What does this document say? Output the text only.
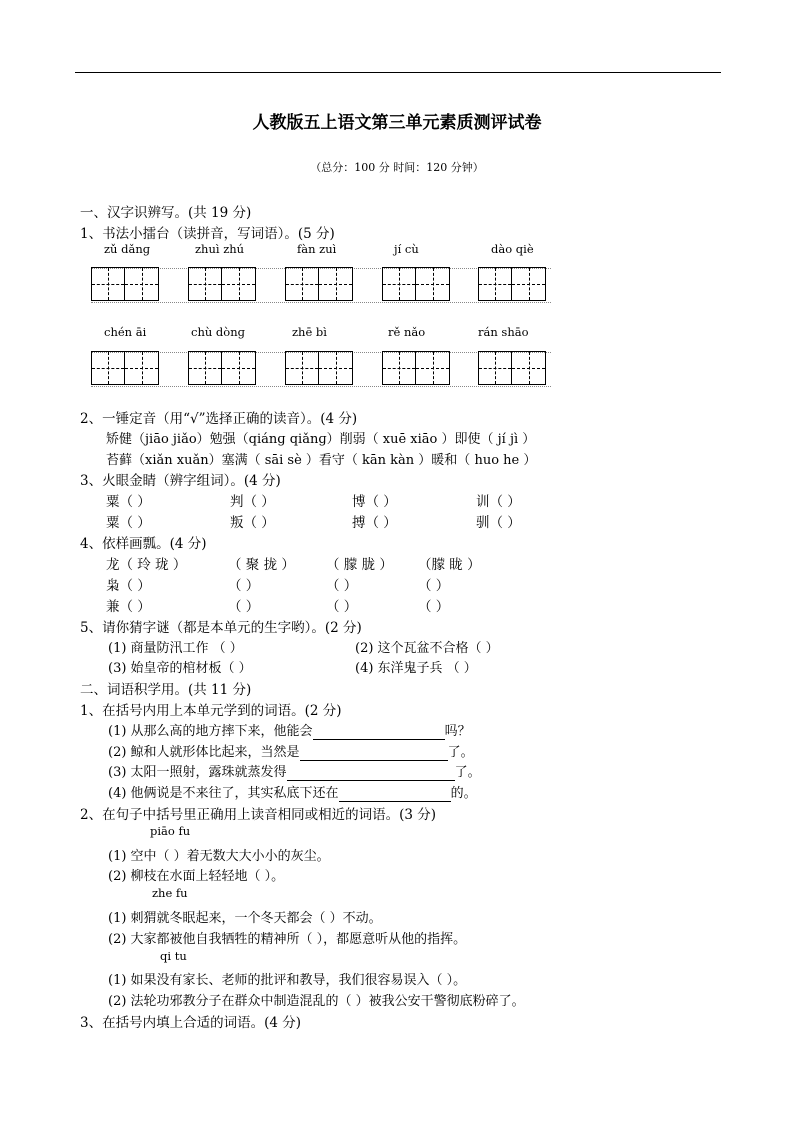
人教版五上语文第三单元素质测评试卷
（总分：100 分 时间：120 分钟）
一、汉字识辨写。(共 19 分)
1、书法小擂台（读拼音，写词语）。(5 分)
zǔ dǎnɡ	zhuì zhú	fàn zuì	jí cù	dào qiè
chén āi	chù dònɡ	zhē bì	rě nǎo	rán shāo
2、一锤定音（用“√”选择正确的读音）。(4 分)
矫健（jiāo jiǎo）勉强（qiánɡ qiǎnɡ）削弱（ xuē xiāo ）即使（ jí jì ）
苔藓（xiǎn xuǎn）塞满（ sāi sè ）看守（ kān kàn ）暖和（ huo he ）
3、火眼金睛（辨字组词）。(4 分)
粟（ ）	判（ ）	博（ ）	训（ ）
粟（ ）	叛（ ）	搏（ ）	驯（ ）
4、依样画瓢。(4 分)
龙（ 玲 珑 ）	（ 聚 拢 ） （ 朦 胧 ） （朦 眬 ）
枭（ ）	（ ）	（ ）	（ ）
兼（ ）	（ ）	（ ）	（ ）
5、请你猜字谜（都是本单元的生字哟）。(2 分)
(1) 商量防汛工作 （ ）	(2) 这个瓦盆不合格（ ）
(3) 始皇帝的棺材板（ ）	(4) 东洋鬼子兵 （ ）
二、词语积学用。(共 11 分)
1、在括号内用上本单元学到的词语。(2 分)
(1) 从那么高的地方摔下来，他能会	吗？
(2) 鲸和人就形体比起来，当然是	了。
(3) 太阳一照射，露珠就蒸发得	了。
(4) 他俩说是不来往了，其实私底下还在	的。
2、在句子中括号里正确用上读音相同或相近的词语。(3 分)
piāo fu
(1) 空中（ ）着无数大大小小的灰尘。
(2) 柳枝在水面上轻轻地（ ）。
zhe fu
(1) 刺猬就冬眠起来，一个冬天都会（ ）不动。
(2) 大家都被他自我牺牲的精神所（ ），都愿意听从他的指挥。
qi tu
(1) 如果没有家长、老师的批评和教导，我们很容易误入（ ）。
(2) 法轮功邪教分子在群众中制造混乱的（ ）被我公安干警彻底粉碎了。
3、在括号内填上合适的词语。(4 分)
